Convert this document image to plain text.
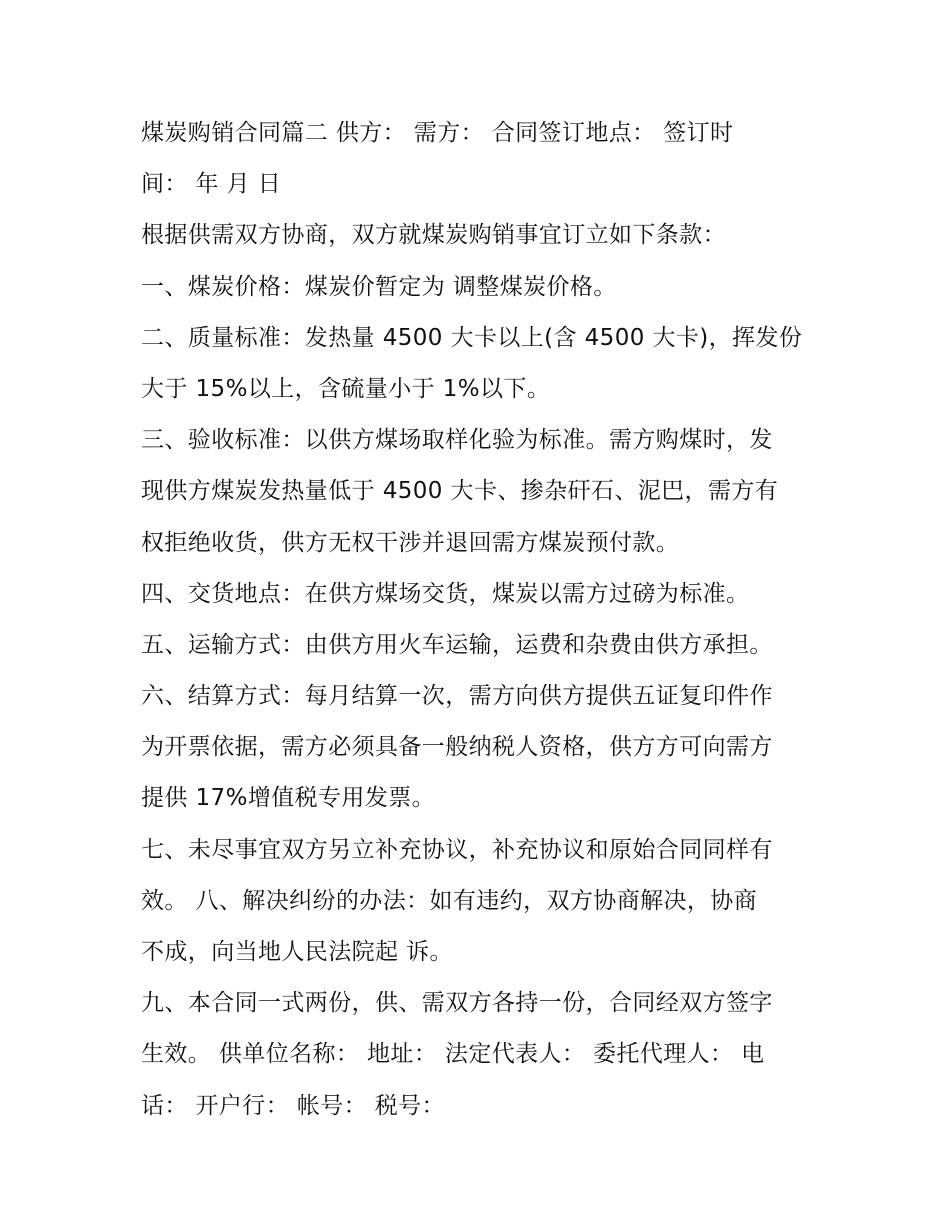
煤炭购销合同篇二 供方： 需方： 合同签订地点： 签订时
间： 年 月 日
根据供需双方协商，双方就煤炭购销事宜订立如下条款：
一、煤炭价格：煤炭价暂定为 调整煤炭价格。
二、质量标准：发热量 4500 大卡以上(含 4500 大卡)，挥发份
大于 15%以上，含硫量小于 1%以下。
三、验收标准：以供方煤场取样化验为标准。需方购煤时，发
现供方煤炭发热量低于 4500 大卡、掺杂矸石、泥巴，需方有
权拒绝收货，供方无权干涉并退回需方煤炭预付款。
四、交货地点：在供方煤场交货，煤炭以需方过磅为标准。
五、运输方式：由供方用火车运输，运费和杂费由供方承担。
六、结算方式：每月结算一次，需方向供方提供五证复印件作
为开票依据，需方必须具备一般纳税人资格，供方方可向需方
提供 17%增值税专用发票。
七、未尽事宜双方另立补充协议，补充协议和原始合同同样有
效。 八、解决纠纷的办法：如有违约，双方协商解决，协商
不成，向当地人民法院起 诉。
九、本合同一式两份，供、需双方各持一份，合同经双方签字
生效。 供单位名称： 地址： 法定代表人： 委托代理人： 电
话： 开户行： 帐号： 税号：
